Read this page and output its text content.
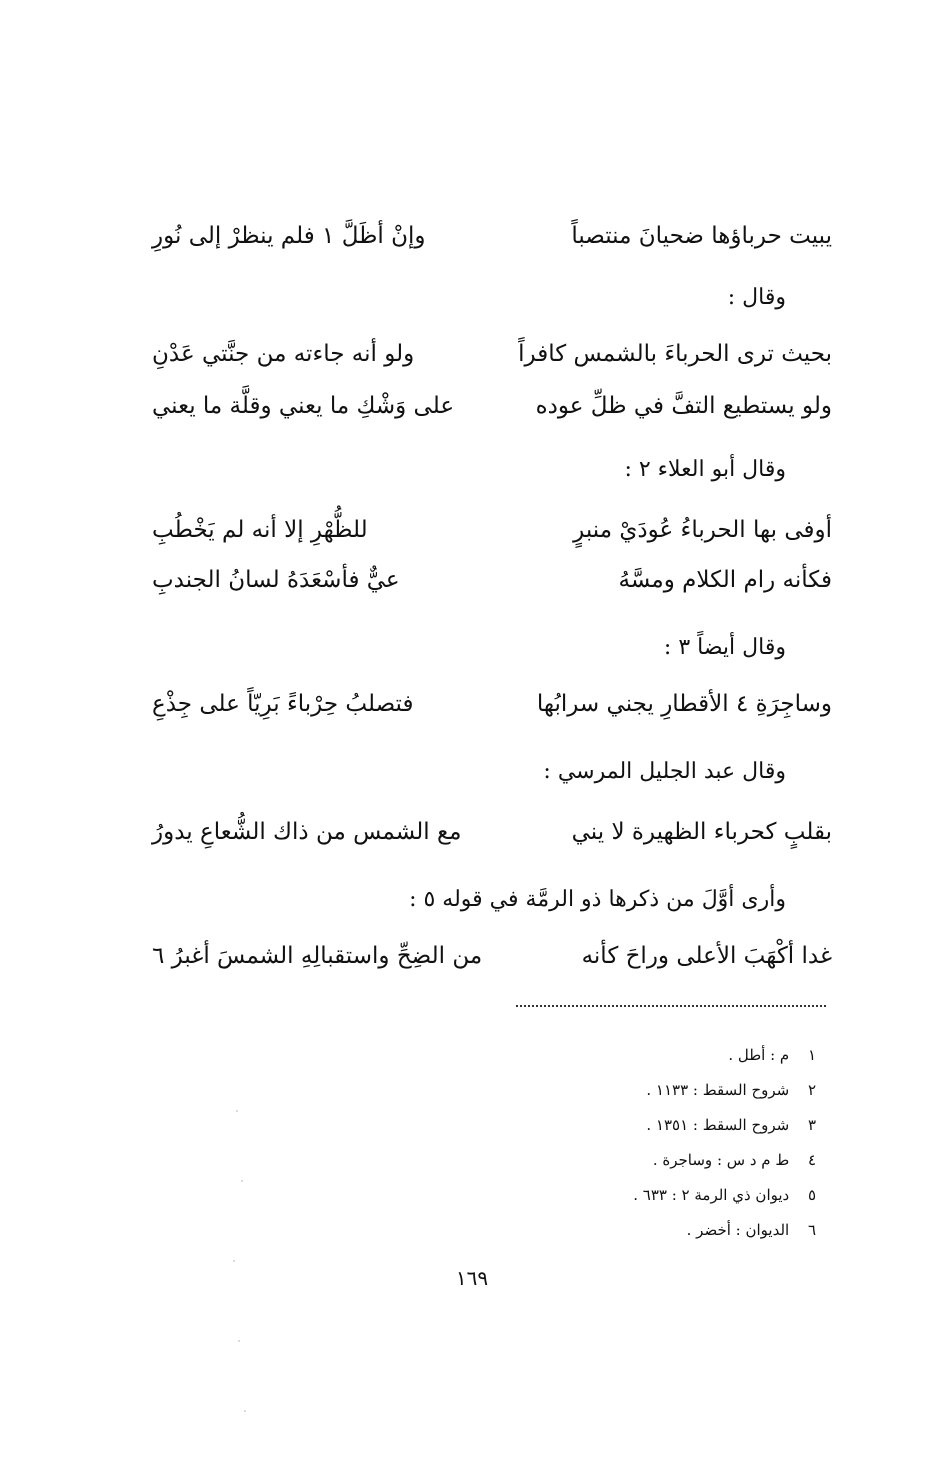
يبيت حرباؤها ضحيانَ منتصباً
وإنْ أظَلَّ ١ فلم ينظرْ إلى نُورِ
وقال :
بحيث ترى الحرباءَ بالشمس كافراً
ولو أنه جاءته من جنَّتي عَدْنِ
ولو يستطيع التفَّ في ظلِّ عوده
على وَشْكِ ما يعني وقلَّة ما يعني
وقال أبو العلاء ٢ :
أوفى بها الحرباءُ عُودَيْ منبرٍ
للظُّهْرِ إلا أنه لم يَخْطُبِ
فكأنه رام الكلام ومسَّهُ
عيٌّ فأسْعَدَهُ لسانُ الجندبِ
وقال أيضاً ٣ :
وساجِرَةِ ٤ الأقطارِ يجني سرابُها
فتصلبُ حِرْباءً بَرِيّاً على جِذْعِ
وقال عبد الجليل المرسي :
بقلبٍ كحرباء الظهيرة لا يني
مع الشمس من ذاك الشُّعاعِ يدورُ
وأرى أوَّلَ من ذكرها ذو الرمَّة في قوله ٥ :
غدا أكْهَبَ الأعلى وراحَ كأنه
من الضِحِّ واستقبالِهِ الشمسَ أغبرُ ٦
١ م : أطل .
٢ شروح السقط : ١١٣٣ .
٣ شروح السقط : ١٣٥١ .
٤ ط م د س : وساجرة .
٥ ديوان ذي الرمة ٢ : ٦٣٣ .
٦ الديوان : أخضر .
١٦٩
